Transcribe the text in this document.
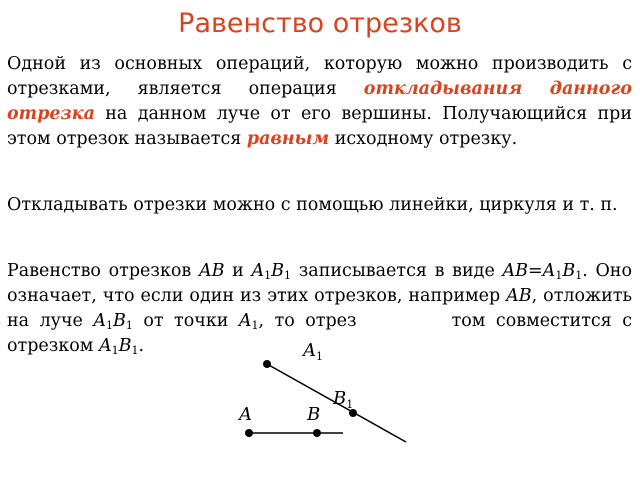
Равенство отрезков

Одной из основных операций, которую можно производить с отрезками, является операция откладывания данного отрезка на данном луче от его вершины. Получающийся при этом отрезок называется равным исходному отрезку.

Откладывать отрезки можно с помощью линейки, циркуля и т. п.

Равенство отрезков AB и $A_1B_1$ записывается в виде $AB=A_1B_1$. Оно означает, что если один из этих отрезков, например AB, отложить на луче $A_1B_1$ от точки $A_1$, то отрез	том совместится с отрезком $A_1B_1$.	$A_1$
$B_1$
A	B
